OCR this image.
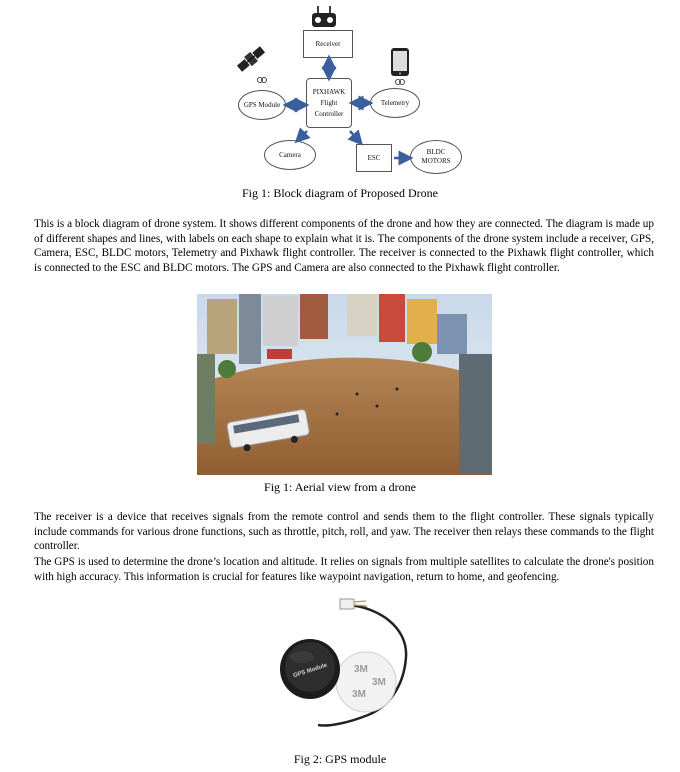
Receiver
GPS Module
PIXHAWK
Flight
Controller
Telemetry
Camera	ESC
BLDC
MOTORS
Fig 1: Block diagram of Proposed Drone

This is a block diagram of drone system. It shows different components of the drone and how they are connected. The diagram is made up of different shapes and lines, with labels on each shape to explain what it is. The components of the drone system include a receiver, GPS, Camera, ESC, BLDC motors, Telemetry and Pixhawk flight controller. The receiver is connected to the Pixhawk flight controller, which is connected to the ESC and BLDC motors. The GPS and Camera are also connected to the Pixhawk flight controller.

Fig 1: Aerial view from a drone

The receiver is a device that receives signals from the remote control and sends them to the flight controller. These signals typically include commands for various drone functions, such as throttle, pitch, roll, and yaw. The receiver then relays these commands to the flight controller.

The GPS is used to determine the drone’s location and altitude. It relies on signals from multiple satellites to calculate the drone's position with high accuracy. This information is crucial for features like waypoint navigation, return to home, and geofencing.

3M
3M
3M
GPS Module
Fig 2: GPS module
